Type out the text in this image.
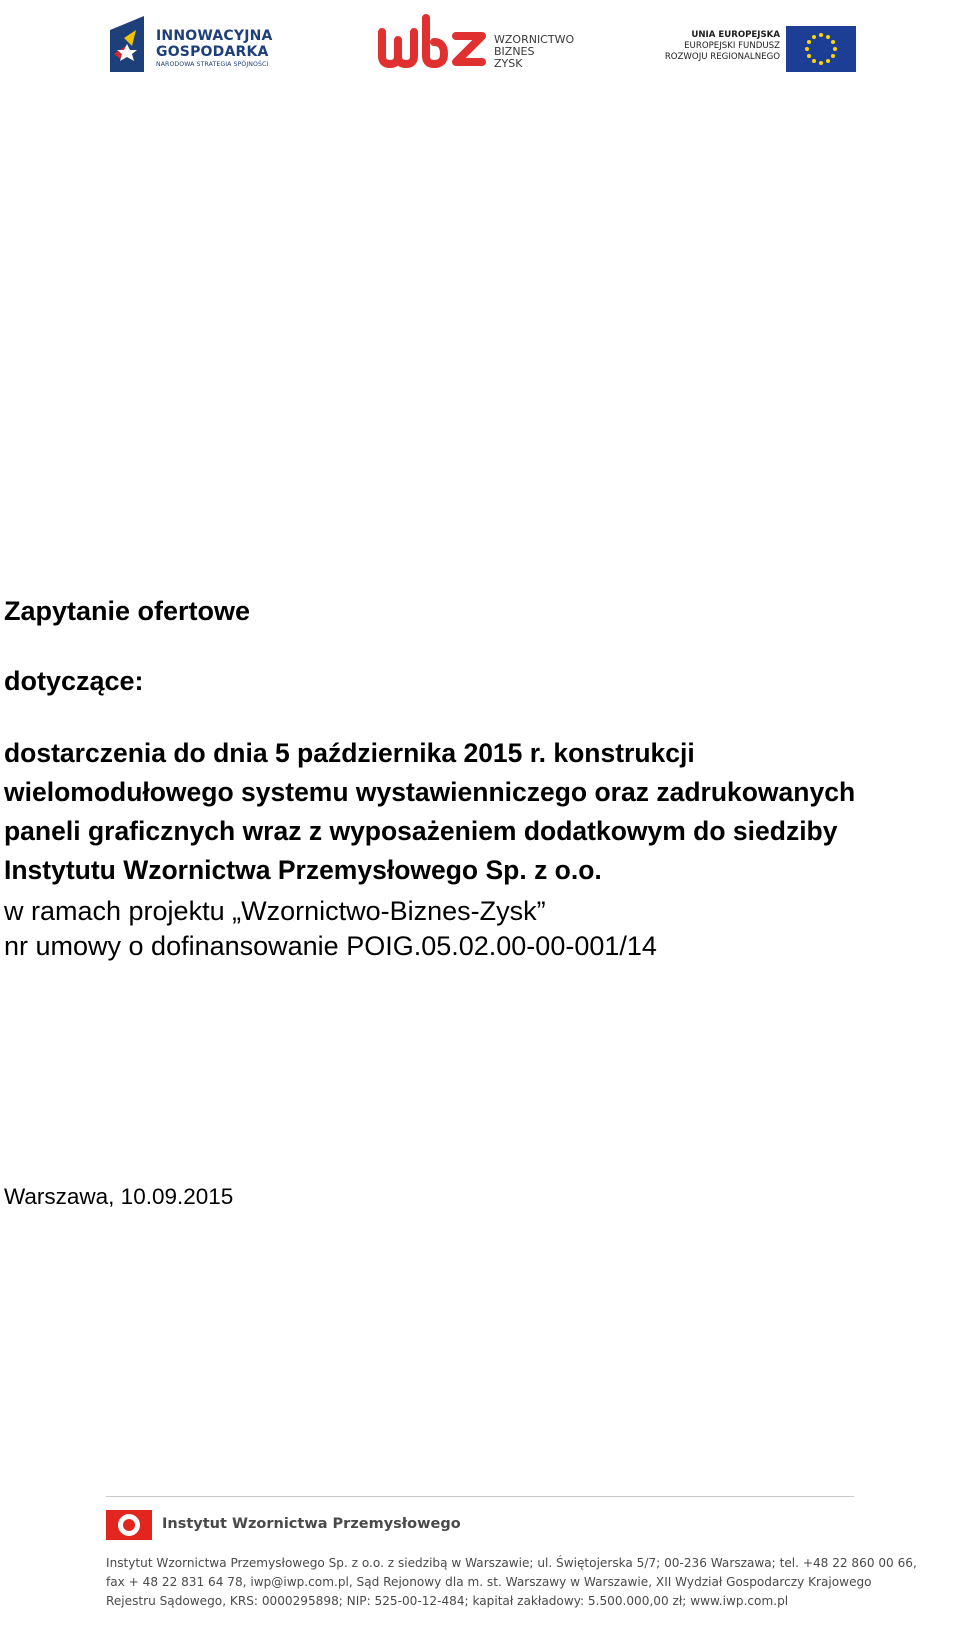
INNOWACYJNA
GOSPODARKA
NARODOWA STRATEGIA SPÓJNOŚCI
WZORNICTWO
BIZNES
ZYSK
UNIA EUROPEJSKA
EUROPEJSKI FUNDUSZ
ROZWOJU REGIONALNEGO
Zapytanie ofertowe
dotyczące:

dostarczenia do dnia 5 października 2015 r. konstrukcji
wielomodułowego systemu wystawienniczego oraz zadrukowanych
paneli graficznych wraz z wyposażeniem dodatkowym do siedziby
Instytutu Wzornictwa Przemysłowego Sp. z o.o.

w ramach projektu „Wzornictwo-Biznes-Zysk”
nr umowy o dofinansowanie POIG.05.02.00-00-001/14

Warszawa, 10.09.2015

Instytut Wzornictwa Przemysłowego
Instytut Wzornictwa Przemysłowego Sp. z o.o. z siedzibą w Warszawie; ul. Świętojerska 5/7; 00-236 Warszawa; tel. +48 22 860 00 66,
fax + 48 22 831 64 78, iwp@iwp.com.pl, Sąd Rejonowy dla m. st. Warszawy w Warszawie, XII Wydział Gospodarczy Krajowego
Rejestru Sądowego, KRS: 0000295898; NIP: 525-00-12-484; kapitał zakładowy: 5.500.000,00 zł; www.iwp.com.pl
